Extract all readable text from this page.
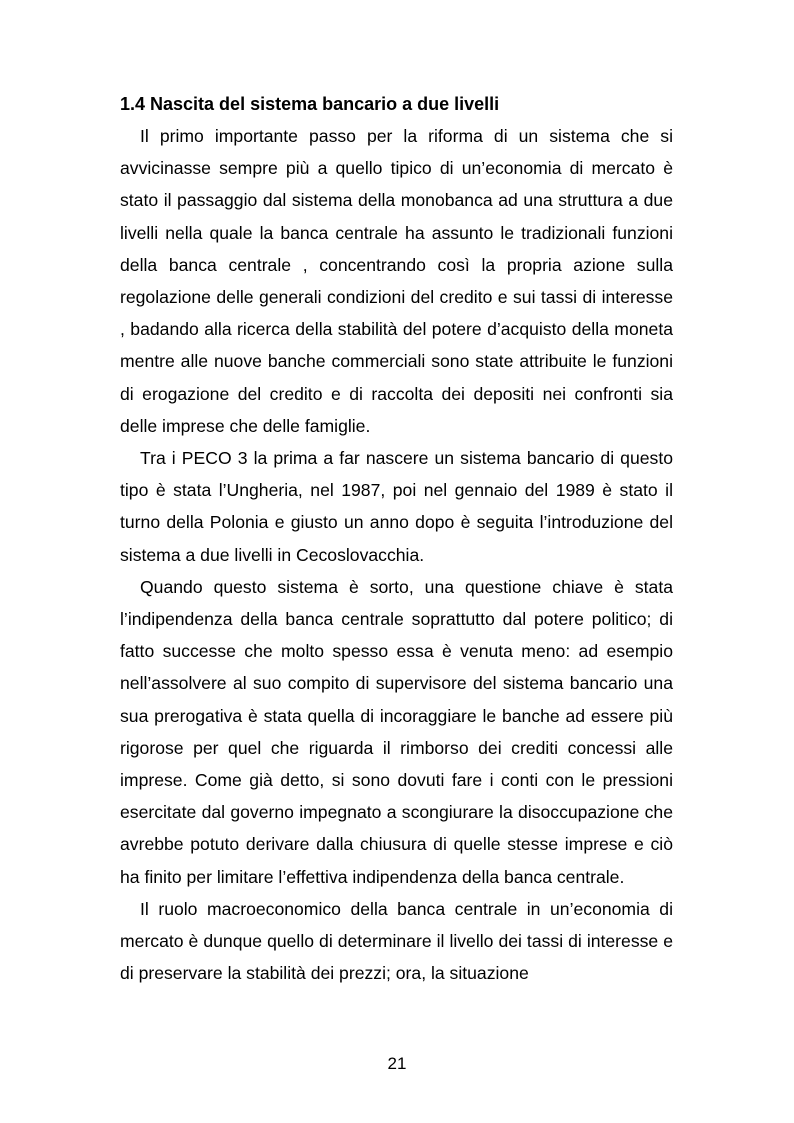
1.4 Nascita del sistema bancario a due livelli

Il primo importante passo per la riforma di un sistema che si avvicinasse sempre più a quello tipico di un’economia di mercato è stato il passaggio dal sistema della monobanca ad una struttura a due livelli nella quale la banca centrale ha assunto le tradizionali funzioni della banca centrale , concentrando così la propria azione sulla regolazione delle generali condizioni del credito e sui tassi di interesse , badando alla ricerca della stabilità del potere d’acquisto della moneta mentre alle nuove banche commerciali sono state attribuite le funzioni di erogazione del credito e di raccolta dei depositi nei confronti sia delle imprese che delle famiglie.

Tra i PECO 3 la prima a far nascere un sistema bancario di questo tipo è stata l’Ungheria, nel 1987, poi nel gennaio del 1989 è stato il turno della Polonia e giusto un anno dopo è seguita l’introduzione del sistema a due livelli in Cecoslovacchia.

Quando questo sistema è sorto, una questione chiave è stata l’indipendenza della banca centrale soprattutto dal potere politico; di fatto successe che molto spesso essa è venuta meno: ad esempio nell’assolvere al suo compito di supervisore del sistema bancario una sua prerogativa è stata quella di incoraggiare le banche ad essere più rigorose per quel che riguarda il rimborso dei crediti concessi alle imprese. Come già detto, si sono dovuti fare i conti con le pressioni esercitate dal governo impegnato a scongiurare la disoccupazione che avrebbe potuto derivare dalla chiusura di quelle stesse imprese e ciò ha finito per limitare l’effettiva indipendenza della banca centrale.

Il ruolo macroeconomico della banca centrale in un’economia di mercato è dunque quello di determinare il livello dei tassi di interesse e di preservare la stabilità dei prezzi; ora, la situazione

21
